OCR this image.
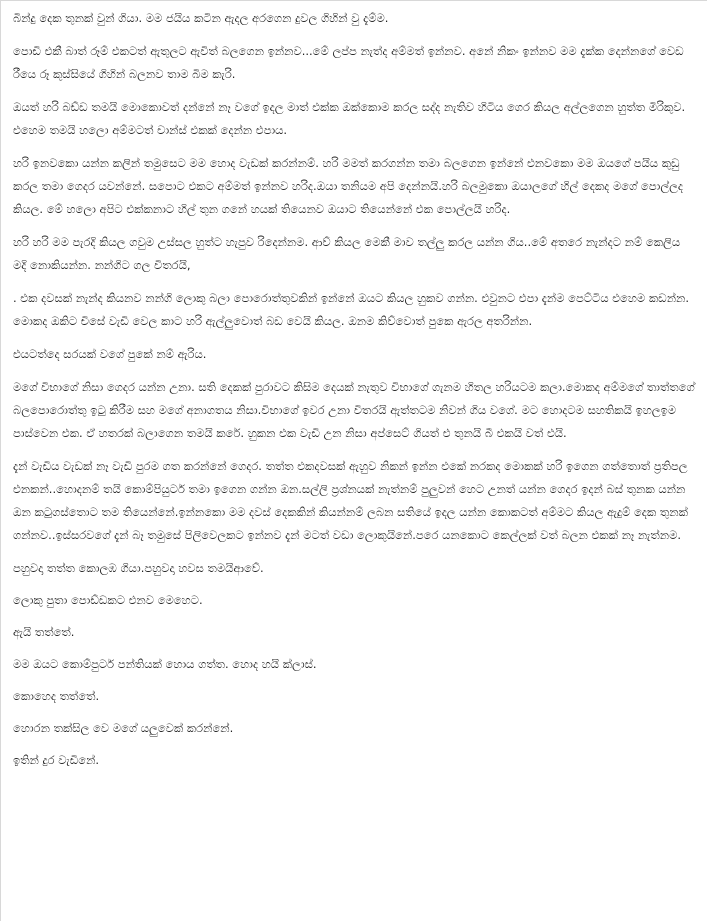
බින්දු දෙක තුනක් වුන් ගියා. මම ජයිය කටින ඇදල අරගෙන දුවල ගිහින් වු දැම්ම.

පොඩි එකී බාත් රූම් එකටත් ඇතුලට ඇවිත් බලගෙන ඉන්නව...මේ ලප්ප නැත්ද අම්මත් ඉන්නව. අනේ නිකං ඉන්නව මම දැක්ක දෙන්නගේ වෙඩ රීයෙ රූ කුස්සියේ ගිහින් බලනව තාම බිම කැරි.

ඔයත් හරි බඩ්ඩ තමයි මොකොවත් දන්නේ නෑ වගේ ඉදල මාත් එක්ක ඔක්කොම කරල සද්ද නැතිව හිටිය ගෙර කියල අල්ලගෙන හුත්ත මිරිකුව. එහෙම තමයි හලො අම්මටත් චාන්ස් එකක් දෙන්න එපාය.

හරි ඉනවකො යන්න කලින් තමුසෙට මම හොද වැඩක් කරන්නම්. හරි මමත් කරගන්න තමා බලගෙන ඉන්නේ එනවකො මම ඔයගේ පයිය කුඩු කරල තමා ගෙදර යවන්නේ. සපොට එකට අම්මත් ඉන්නව හරිද.ඔයා තනියම අපි දෙන්නයි.හරි බලමුකො ඔයාලගේ හිල් දෙකද මගේ පොල්ලද කියල. මේ හලො අපිට එක්කනාට හිල් තුන ගනේ හයක් තියෙනව ඔයාට තියෙන්නේ එක පොල්ලයි හරිද.

හරි හරි මම පැරදි කියල ගවුම උස්සල හුත්ට හැපුව රිදෙන්නම. ආව් කියල මෙකී මාව තල්ලු කරල යන්න ගිය..මේ අතරෙ නැන්දට නම් කෙලිය මදි නොකියන්න. නන්ගිට ගල විතරයි,

. එක දවසක් නැන්ද කියනව නන්ගි ලොකු බලා පොරොත්තුවකින් ඉන්නේ ඔයට කියල හුකව ගන්න. එවුනට එපා දැන්ම පෙට්ටිය එහෙම කඩන්න. මොකද ඔකිට චිසේ වැඩි වෙල කාට හරි ඇල්ලුවොත් බඩ වෙයි කියල. ඔනම කිව්වොත් පුකෙ ඇරල අතරින්න.

එයටත්දෙ සරයක් වගේ පුකේ නම් ඇරිය.

මගේ විභාගේ නිසා ගෙදර යන්න උනා. සති දෙකක් පුරාවට කිසිම දෙයක් නැතුව විභාගේ ගැනම හිතල හරියටම කලා.මොකද අම්මගේ තාත්තගේ බලපොරොත්තු ඉටු කිරීම සහ මගේ අනාගතය නිසා.විභාගේ ඉවර උනා විතරයි ඇත්තටම නිවන් ගිය වගේ. මට හොදටම සහතිකයි ඉහලඉම පාස්වෙන එක. ඒ හතරක් බලාගෙන තමයි කරේ. හුකන එක වැඩි උන නිසා අප්සෙට් ගියත් එ තුනයි බී එකයි වත් එයි.

දැන් වැඩිය වැඩක් නෑ වැඩි පුරම ගත කරන්නේ ගෙදර. තත්ත එකදවසක් ඇහුව නිකන් ඉන්න එකේ නරකද මොකක් හරි ඉගෙන ගත්තොත් ප්‍රතිපල එනකන්..හොදනම් තයි කොම්පියුටර් තමා ඉගෙන ගන්න ඔන.සල්ලි ප්‍රශ්නයක් නැත්නම් පුලුවන් හෙට උනත් යන්න ගෙදර ඉදන් බස් තුනක යන්න ඔන කටුගස්තොට තම තියෙන්නේ.ඉන්නකො මම දවස් දෙකකින් කියන්නම් ලබන සතියේ ඉදල යන්න කොකටත් අම්මට කියල ඇදුම් දෙක තුනක් ගන්නව..ඉස්සරවගේ දැන් බෑ තමුසේ පිලිවෙලකට ඉන්නව දැන් මටත් වඩා ලොකුයිනේ.පරෙ යනකොට කෙල්ලක් වත් බලන එකක් නෑ නැත්නම.

පහුවදා තත්ත කොලඹ ගියා.පහුවදා හවස තමයිආවේ.

ලොකු පුතා පොඩ්ඩකට එනව මෙහෙට.

ඇයි තත්තේ.

මම ඔයට කොම්පුටර් පන්තියක් හොය ගත්ත. හොද හයි ක්ලාස්.

කොහෙද තත්තේ.

හොරන තක්සිල වෙ මගේ යලුවෙක් කරන්නේ.

ඉතින් දුර වැඩිනේ.
